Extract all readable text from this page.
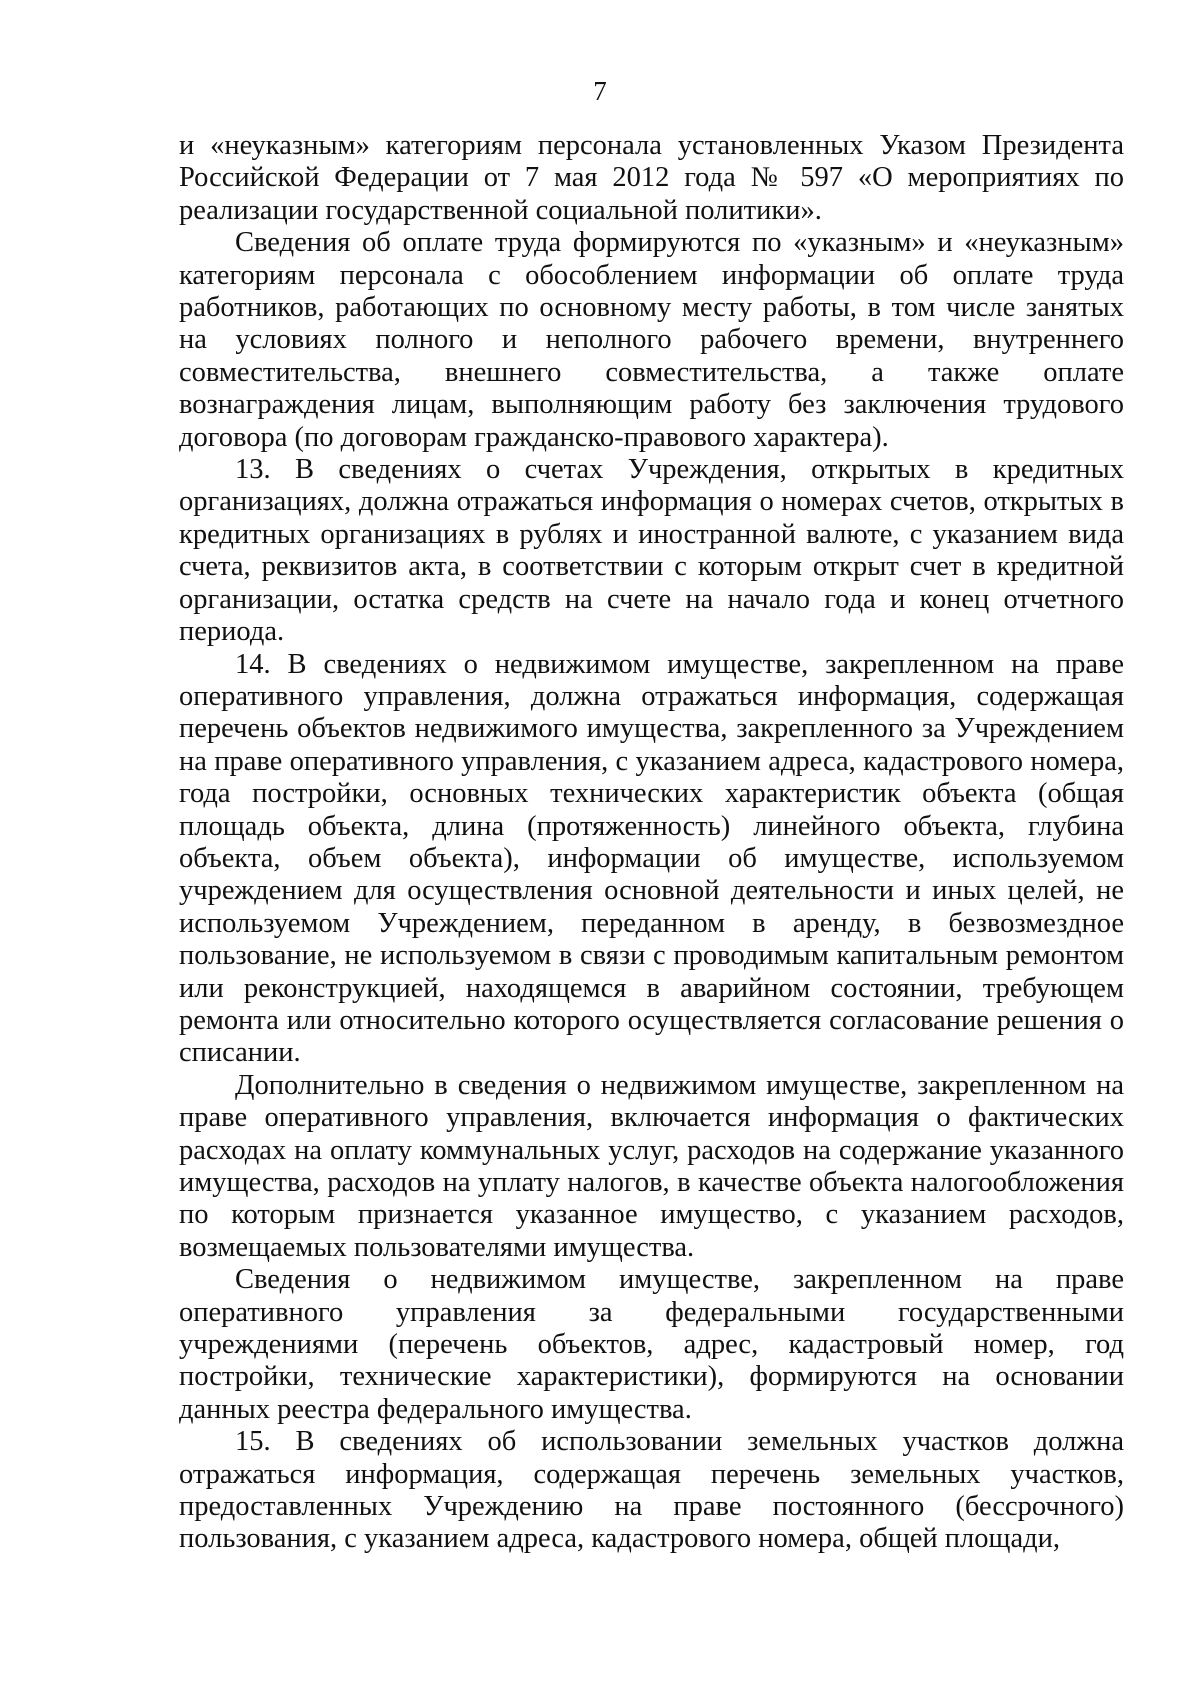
7

и «неуказным» категориям персонала установленных Указом Президента Российской Федерации от 7 мая 2012 года № 597 «О мероприятиях по реализации государственной социальной политики».

Сведения об оплате труда формируются по «указным» и «неуказным» категориям персонала с обособлением информации об оплате труда работников, работающих по основному месту работы, в том числе занятых на условиях полного и неполного рабочего времени, внутреннего совместительства, внешнего совместительства, а также оплате вознаграждения лицам, выполняющим работу без заключения трудового договора (по договорам гражданско-правового характера).

13. В сведениях о счетах Учреждения, открытых в кредитных организациях, должна отражаться информация о номерах счетов, открытых в кредитных организациях в рублях и иностранной валюте, с указанием вида счета, реквизитов акта, в соответствии с которым открыт счет в кредитной организации, остатка средств на счете на начало года и конец отчетного периода.

14. В сведениях о недвижимом имуществе, закрепленном на праве оперативного управления, должна отражаться информация, содержащая перечень объектов недвижимого имущества, закрепленного за Учреждением на праве оперативного управления, с указанием адреса, кадастрового номера, года постройки, основных технических характеристик объекта (общая площадь объекта, длина (протяженность) линейного объекта, глубина объекта, объем объекта), информации об имуществе, используемом учреждением для осуществления основной деятельности и иных целей, не используемом Учреждением, переданном в аренду, в безвозмездное пользование, не используемом в связи с проводимым капитальным ремонтом или реконструкцией, находящемся в аварийном состоянии, требующем ремонта или относительно которого осуществляется согласование решения о списании.

Дополнительно в сведения о недвижимом имуществе, закрепленном на праве оперативного управления, включается информация о фактических расходах на оплату коммунальных услуг, расходов на содержание указанного имущества, расходов на уплату налогов, в качестве объекта налогообложения по которым признается указанное имущество, с указанием расходов, возмещаемых пользователями имущества.

Сведения о недвижимом имуществе, закрепленном на праве оперативного управления за федеральными государственными учреждениями (перечень объектов, адрес, кадастровый номер, год постройки, технические характеристики), формируются на основании данных реестра федерального имущества.

15. В сведениях об использовании земельных участков должна отражаться информация, содержащая перечень земельных участков, предоставленных Учреждению на праве постоянного (бессрочного) пользования, с указанием адреса, кадастрового номера, общей площади,
